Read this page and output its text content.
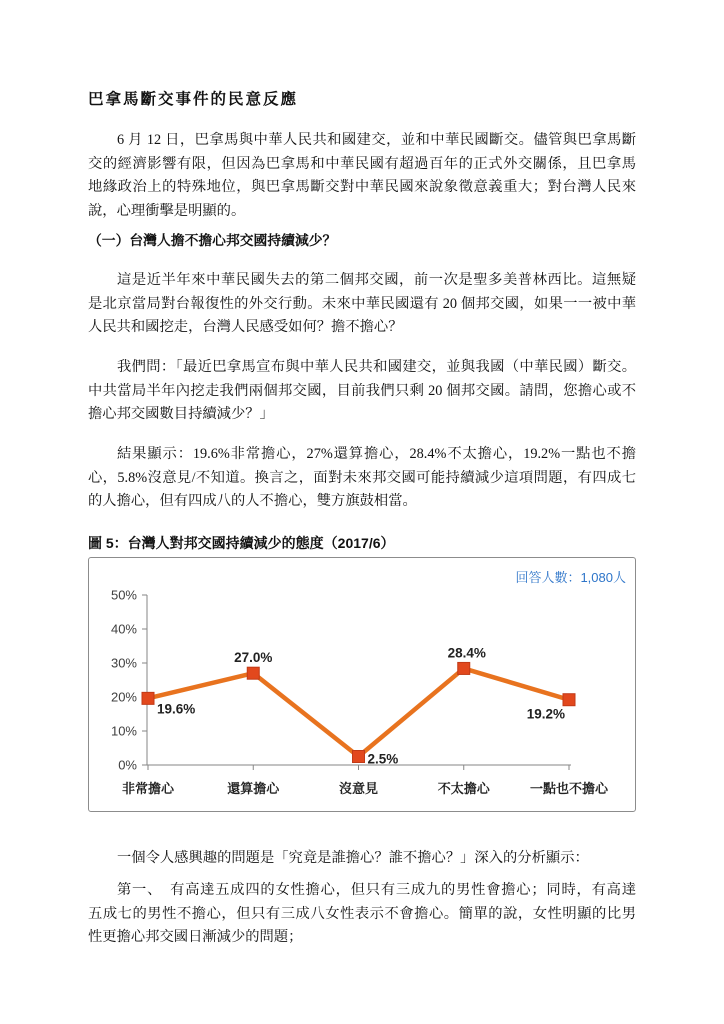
巴拿馬斷交事件的民意反應
6 月 12 日，巴拿馬與中華人民共和國建交，並和中華民國斷交。儘管與巴拿馬斷
交的經濟影響有限，但因為巴拿馬和中華民國有超過百年的正式外交關係，且巴拿馬
地緣政治上的特殊地位，與巴拿馬斷交對中華民國來說象徵意義重大；對台灣人民來
說，心理衝擊是明顯的。
（一）台灣人擔不擔心邦交國持續減少？
這是近半年來中華民國失去的第二個邦交國，前一次是聖多美普林西比。這無疑
是北京當局對台報復性的外交行動。未來中華民國還有 20 個邦交國，如果一一被中華
人民共和國挖走，台灣人民感受如何？擔不擔心？
我們問：「最近巴拿馬宣布與中華人民共和國建交，並與我國（中華民國）斷交。
中共當局半年內挖走我們兩個邦交國，目前我們只剩 20 個邦交國。請問，您擔心或不
擔心邦交國數目持續減少？」
結果顯示：19.6%非常擔心，27%還算擔心，28.4%不太擔心，19.2%一點也不擔
心，5.8%沒意見/不知道。換言之，面對未來邦交國可能持續減少這項問題，有四成七
的人擔心，但有四成八的人不擔心，雙方旗鼓相當。
圖 5：台灣人對邦交國持續減少的態度（2017/6）
0%
10%
20%
30%
40%
50%
非常擔心	還算擔心	沒意見	不太擔心	一點也不擔心
19.6%
27.0%
2.5%
28.4%
19.2%
回答人數：1,080人
一個令人感興趣的問題是「究竟是誰擔心？誰不擔心？」深入的分析顯示：
第一、　有高達五成四的女性擔心，但只有三成九的男性會擔心；同時，有高達
五成七的男性不擔心，但只有三成八女性表示不會擔心。簡單的說，女性明顯的比男
性更擔心邦交國日漸減少的問題；
